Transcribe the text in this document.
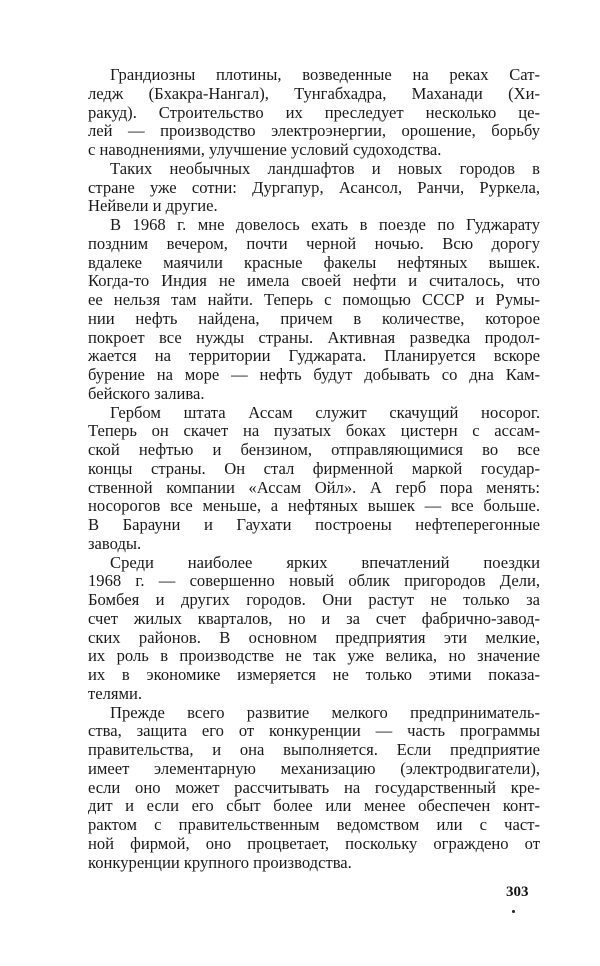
Грандиозны плотины, возведенные на реках Сат-
ледж (Бхакра-Нангал), Тунгабхадра, Маханади (Хи-
ракуд). Строительство их преследует несколько це-
лей — производство электроэнергии, орошение, борьбу
с наводнениями, улучшение условий судоходства.
Таких необычных ландшафтов и новых городов в
стране уже сотни: Дургапур, Асансол, Ранчи, Руркела,
Нейвели и другие.
В 1968 г. мне довелось ехать в поезде по Гуджарату
поздним вечером, почти черной ночью. Всю дорогу
вдалеке маячили красные факелы нефтяных вышек.
Когда-то Индия не имела своей нефти и считалось, что
ее нельзя там найти. Теперь с помощью СССР и Румы-
нии нефть найдена, причем в количестве, которое
покроет все нужды страны. Активная разведка продол-
жается на территории Гуджарата. Планируется вскоре
бурение на море — нефть будут добывать со дна Кам-
бейского залива.
Гербом штата Ассам служит скачущий носорог.
Теперь он скачет на пузатых боках цистерн с ассам-
ской нефтью и бензином, отправляющимися во все
концы страны. Он стал фирменной маркой государ-
ственной компании «Ассам Ойл». А герб пора менять:
носорогов все меньше, а нефтяных вышек — все больше.
В Барауни и Гаухати построены нефтеперегонные
заводы.
Среди наиболее ярких впечатлений поездки
1968 г. — совершенно новый облик пригородов Дели,
Бомбея и других городов. Они растут не только за
счет жилых кварталов, но и за счет фабрично-завод-
ских районов. В основном предприятия эти мелкие,
их роль в производстве не так уже велика, но значение
их в экономике измеряется не только этими показа-
телями.
Прежде всего развитие мелкого предприниматель-
ства, защита его от конкуренции — часть программы
правительства, и она выполняется. Если предприятие
имеет элементарную механизацию (электродвигатели),
если оно может рассчитывать на государственный кре-
дит и если его сбыт более или менее обеспечен конт-
рактом с правительственным ведомством или с част-
ной фирмой, оно процветает, поскольку ограждено от
конкуренции крупного производства.
303
